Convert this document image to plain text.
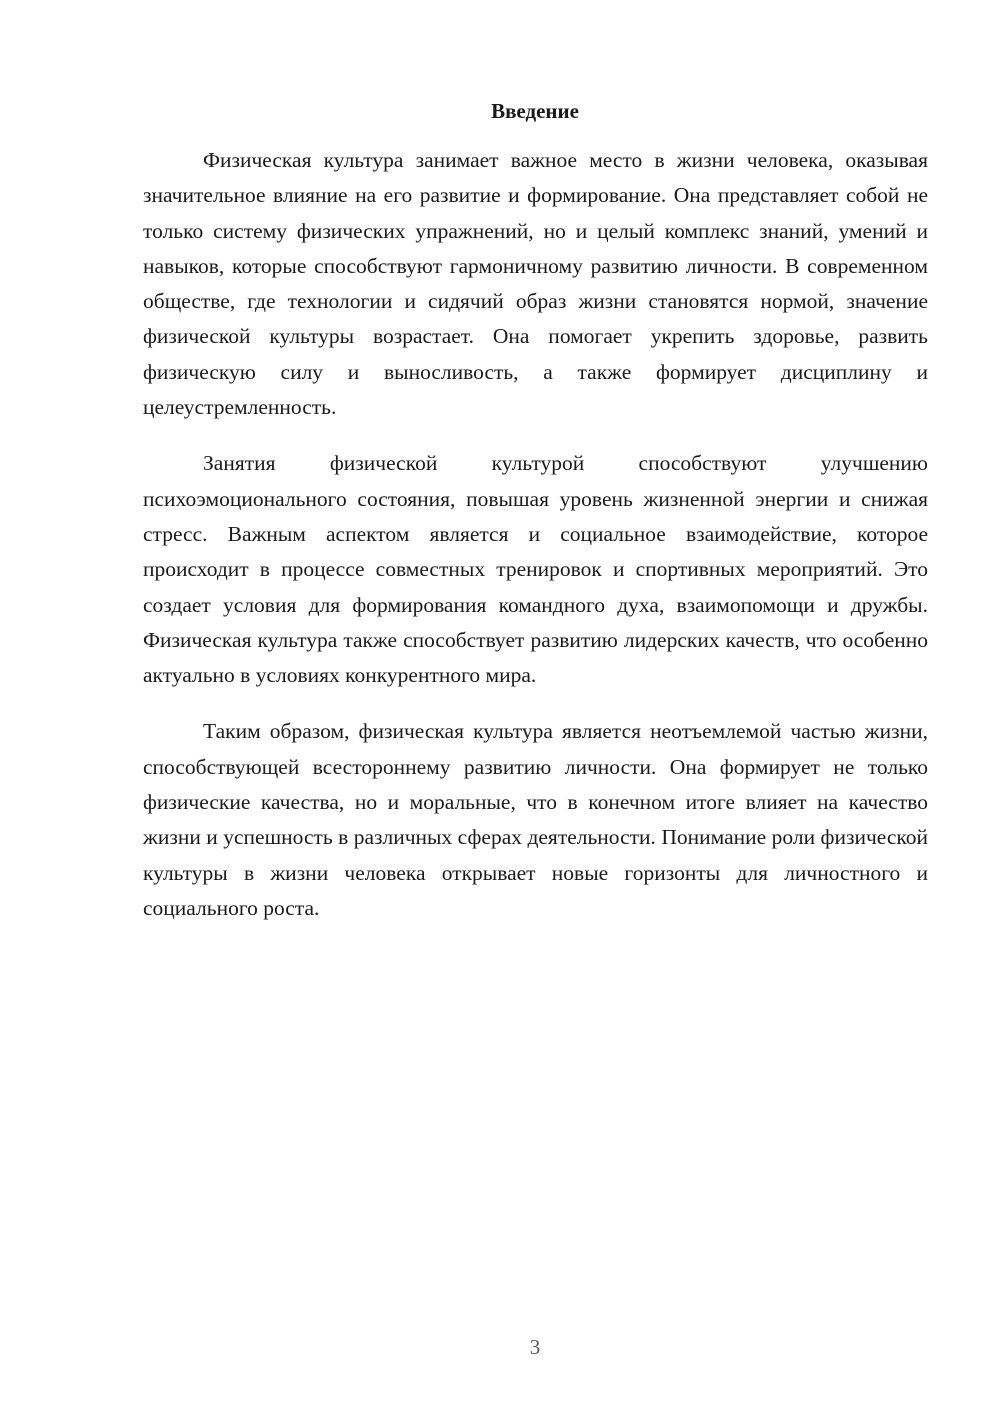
Введение

Физическая культура занимает важное место в жизни человека, оказывая значительное влияние на его развитие и формирование. Она представляет собой не только систему физических упражнений, но и целый комплекс знаний, умений и навыков, которые способствуют гармоничному развитию личности. В современном обществе, где технологии и сидячий образ жизни становятся нормой, значение физической культуры возрастает. Она помогает укрепить здоровье, развить физическую силу и выносливость, а также формирует дисциплину и целеустремленность.

Занятия физической культурой способствуют улучшению психоэмоционального состояния, повышая уровень жизненной энергии и снижая стресс. Важным аспектом является и социальное взаимодействие, которое происходит в процессе совместных тренировок и спортивных мероприятий. Это создает условия для формирования командного духа, взаимопомощи и дружбы. Физическая культура также способствует развитию лидерских качеств, что особенно актуально в условиях конкурентного мира.

Таким образом, физическая культура является неотъемлемой частью жизни, способствующей всестороннему развитию личности. Она формирует не только физические качества, но и моральные, что в конечном итоге влияет на качество жизни и успешность в различных сферах деятельности. Понимание роли физической культуры в жизни человека открывает новые горизонты для личностного и социального роста.

3
